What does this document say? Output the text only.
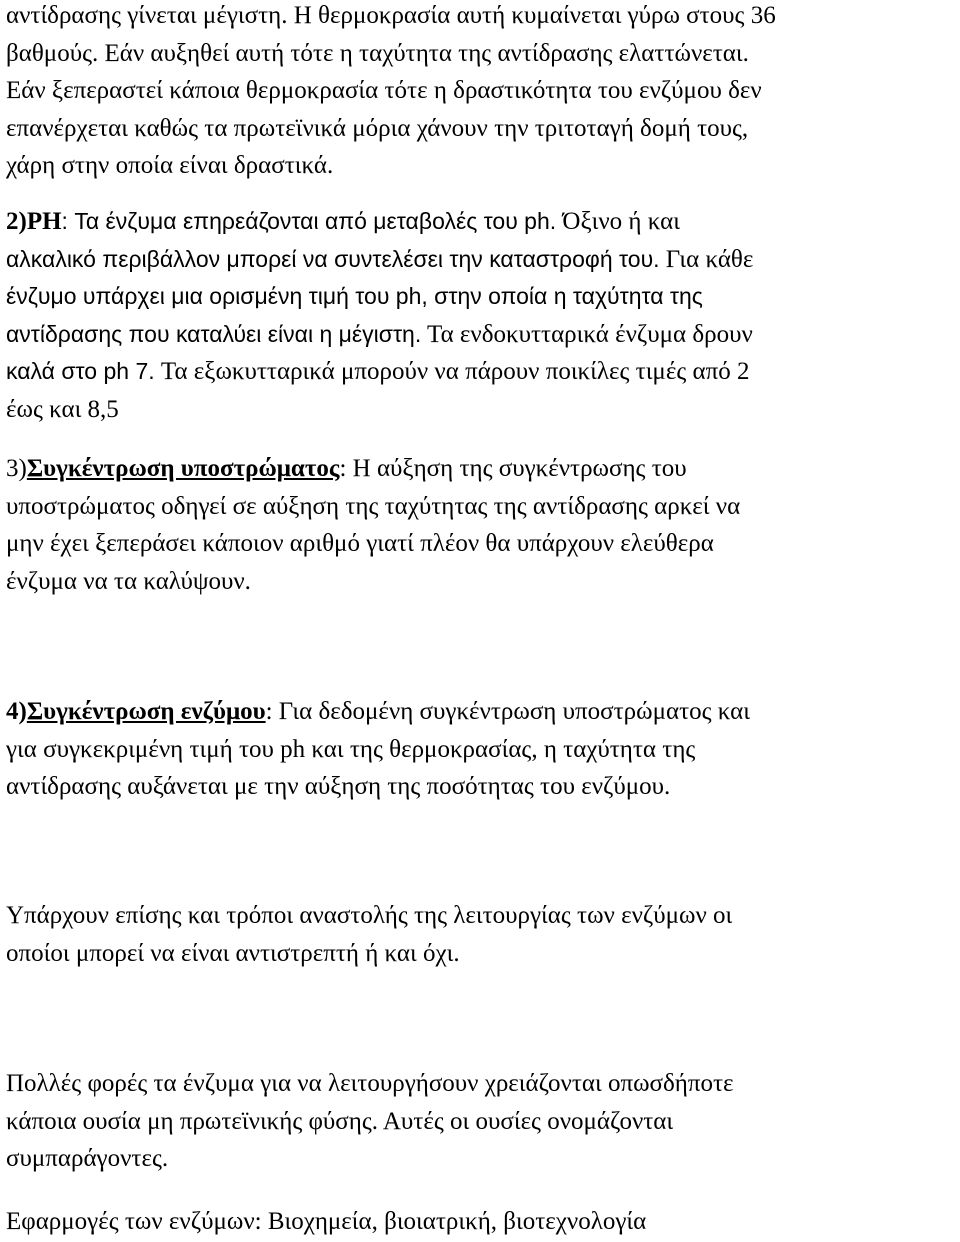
αντίδρασης γίνεται μέγιστη. Η θερμοκρασία αυτή κυμαίνεται γύρω στους 36
βαθμούς. Εάν αυξηθεί αυτή τότε η ταχύτητα της αντίδρασης ελαττώνεται.
Εάν ξεπεραστεί κάποια θερμοκρασία τότε η δραστικότητα του ενζύμου δεν
επανέρχεται καθώς τα πρωτεϊνικά μόρια χάνουν την τριτοταγή δομή τους,
χάρη στην οποία είναι δραστικά.

2)PH: Τα ένζυμα επηρεάζονται από μεταβολές του ph. Όξινο ή και
αλκαλικό περιβάλλον μπορεί να συντελέσει την καταστροφή του. Για κάθε
ένζυμο υπάρχει μια ορισμένη τιμή του ph, στην οποία η ταχύτητα της
αντίδρασης που καταλύει είναι η μέγιστη. Τα ενδοκυτταρικά ένζυμα δρουν
καλά στο ph 7. Τα εξωκυτταρικά μπορούν να πάρουν ποικίλες τιμές από 2
έως και 8,5

3)Συγκέντρωση υποστρώματος: Η αύξηση της συγκέντρωσης του
υποστρώματος οδηγεί σε αύξηση της ταχύτητας της αντίδρασης αρκεί να
μην έχει ξεπεράσει κάποιον αριθμό γιατί πλέον θα υπάρχουν ελεύθερα
ένζυμα να τα καλύψουν.

4)Συγκέντρωση ενζύμου: Για δεδομένη συγκέντρωση υποστρώματος και
για συγκεκριμένη τιμή του ph και της θερμοκρασίας, η ταχύτητα της
αντίδρασης αυξάνεται με την αύξηση της ποσότητας του ενζύμου.

Υπάρχουν επίσης και τρόποι αναστολής της λειτουργίας των ενζύμων οι
οποίοι μπορεί να είναι αντιστρεπτή ή και όχι.

Πολλές φορές τα ένζυμα για να λειτουργήσουν χρειάζονται οπωσδήποτε
κάποια ουσία μη πρωτεϊνικής φύσης. Αυτές οι ουσίες ονομάζονται
συμπαράγοντες.

Εφαρμογές των ενζύμων: Βιοχημεία, βιοιατρική, βιοτεχνολογία
